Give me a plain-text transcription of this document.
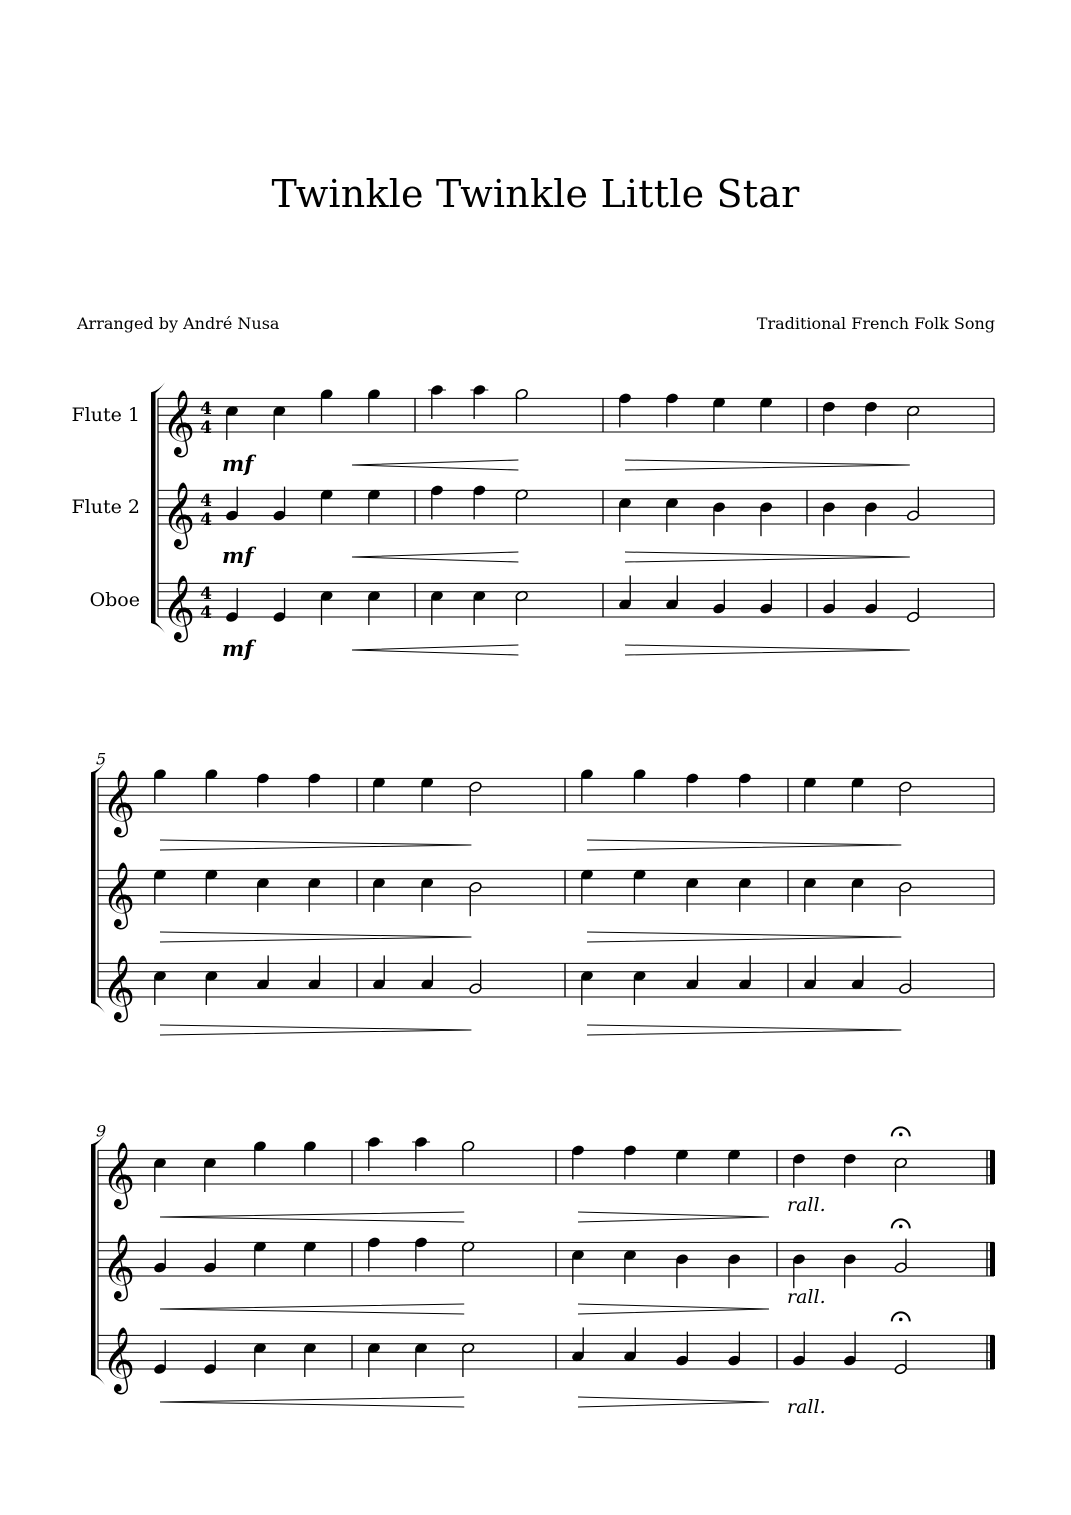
Twinkle Twinkle Little Star
Arranged by André Nusa	Traditional French Folk Song
𝄞
Flute 1	4
4
mf
𝄞
Flute 2	4
4
mf
𝄞
Oboe	4
4
mf
5
𝄞
𝄞
𝄞
9
𝄞	rall.
𝄞	rall.
𝄞
rall.
